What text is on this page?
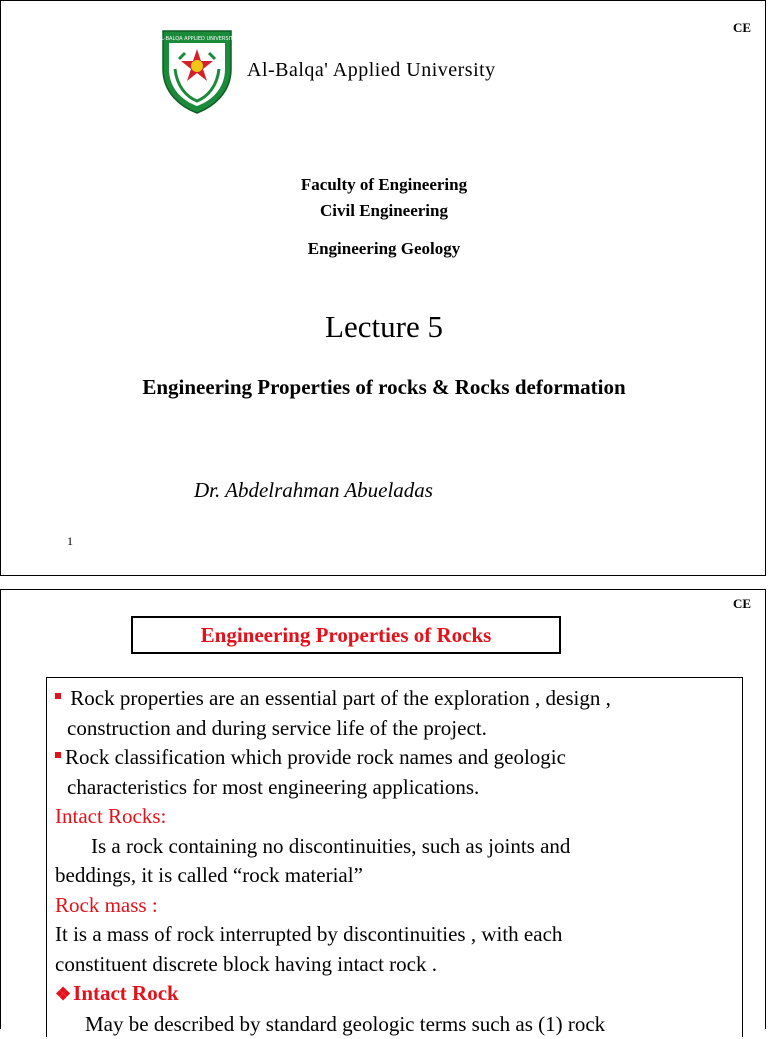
CE
AL-BALQA APPLIED UNIVERSITY
Al-Balqa' Applied University
Faculty of Engineering
Civil Engineering
Engineering Geology
Lecture 5
Engineering Properties of rocks & Rocks deformation
Dr. Abdelrahman Abueladas
1
CE
Engineering Properties of Rocks
Rock properties are an essential part of the exploration , design ,
construction and during service life of the project.
Rock classification which provide rock names and geologic
characteristics for most engineering applications.
Intact Rocks:
Is a rock containing no discontinuities, such as joints and
beddings, it is called “rock material”
Rock mass :
It is a mass of rock interrupted by discontinuities , with each
constituent discrete block having intact rock .
❖Intact Rock
May be described by standard geologic terms such as (1) rock
